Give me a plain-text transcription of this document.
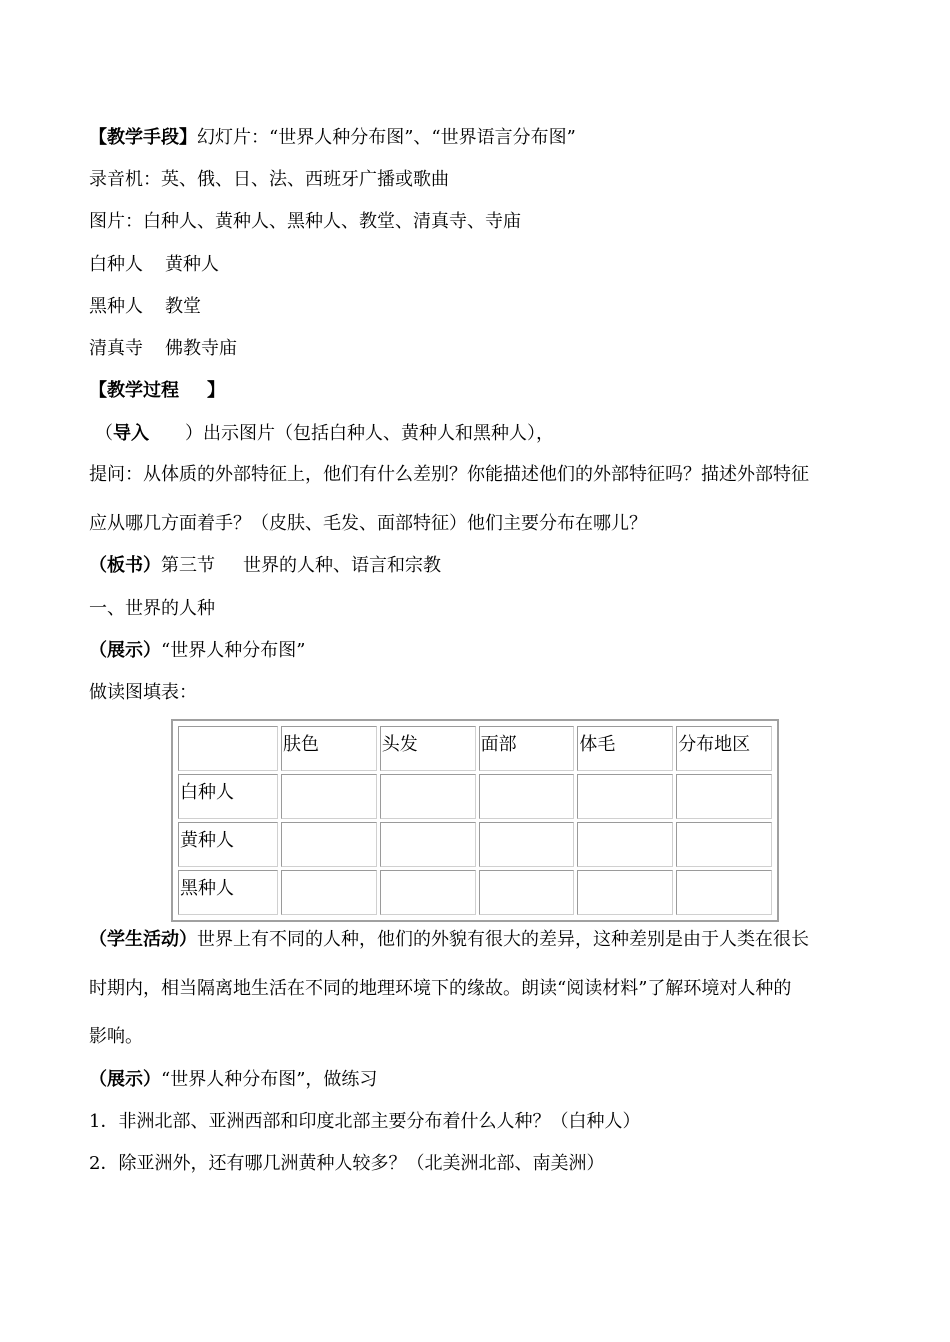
【教学手段】幻灯片：“世界人种分布图”、“世界语言分布图”
录音机：英、俄、日、法、西班牙广播或歌曲
图片：白种人、黄种人、黑种人、教堂、清真寺、寺庙
白种人 黄种人
黑种人 教堂
清真寺 佛教寺庙
【教学过程 】
（导入 ）出示图片（包括白种人、黄种人和黑种人），
提问：从体质的外部特征上，他们有什么差别？你能描述他们的外部特征吗？描述外部特征
应从哪几方面着手？（皮肤、毛发、面部特征）他们主要分布在哪儿？
（板书）第三节 世界的人种、语言和宗教
一、世界的人种
（展示）“世界人种分布图”
做读图填表：
	肤色	头发	面部	体毛	分布地区
白种人					
黄种人					
黑种人					
（学生活动）世界上有不同的人种，他们的外貌有很大的差异，这种差别是由于人类在很长
时期内，相当隔离地生活在不同的地理环境下的缘故。朗读“阅读材料”了解环境对人种的
影响。
（展示）“世界人种分布图”，做练习
1．非洲北部、亚洲西部和印度北部主要分布着什么人种？（白种人）
2．除亚洲外，还有哪几洲黄种人较多？（北美洲北部、南美洲）
